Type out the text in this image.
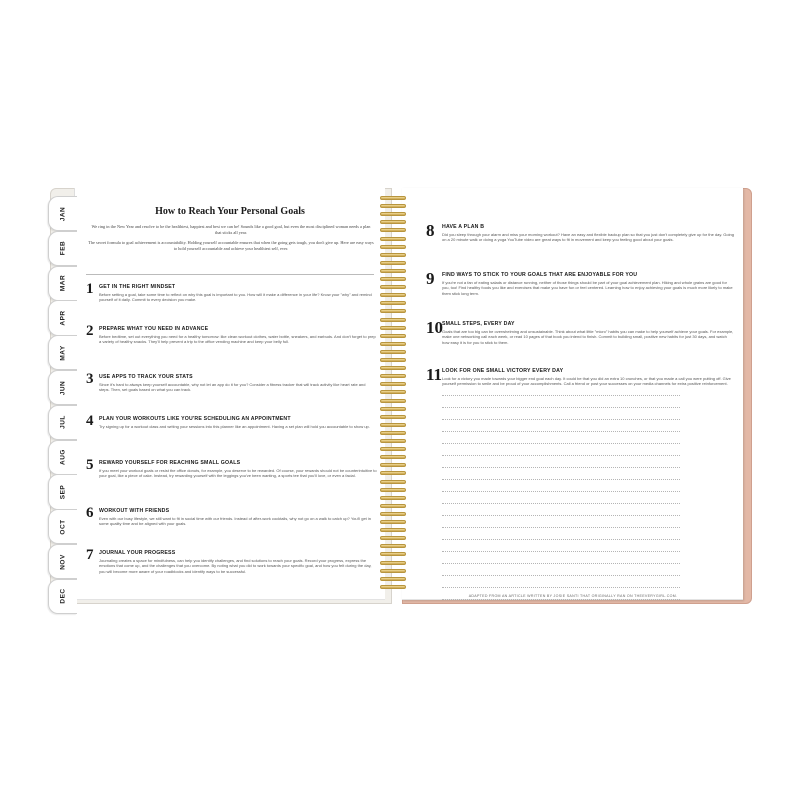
JAN
FEB
MAR
APR
MAY
JUN
JUL
AUG
SEP
OCT
NOV
DEC
How to Reach Your Personal Goals

We ring in the New Year and resolve to be the healthiest, happiest and best we can be! Sounds like a good goal, but even the most disciplined woman needs a plan that sticks all year.

The secret formula to goal achievement is accountability. Holding yourself accountable ensures that when the going gets tough, you don't give up. Here are easy ways to hold yourself accountable and achieve your healthiest self, ever.

1 GET IN THE RIGHT MINDSET
Before setting a goal, take some time to reflect on why this goal is important to you. How will it make a difference in your life? Know your "why" and remind yourself of it daily. Commit to every decision you make.
2 PREPARE WHAT YOU NEED IN ADVANCE
Before bedtime, set out everything you need for a healthy tomorrow: like clean workout clothes, water bottle, sneakers, and earbuds. And don't forget to prep a variety of healthy snacks. They'll help prevent a trip to the office vending machine and keep your belly full.
3 USE APPS TO TRACK YOUR STATS
Since it's hard to always keep yourself accountable, why not let an app do it for you? Consider a fitness tracker that will track activity like heart rate and steps. Then, set goals based on what you can track.
4 PLAN YOUR WORKOUTS LIKE YOU'RE SCHEDULING AN APPOINTMENT
Try signing up for a workout class and writing your sessions into this planner like an appointment. Having a set plan will hold you accountable to show up.
5 REWARD YOURSELF FOR REACHING SMALL GOALS
If you meet your workout goals or resist the office donuts, for example, you deserve to be rewarded. Of course, your rewards should not be counterintuitive to your goal, like a piece of cake. Instead, try rewarding yourself with the leggings you've been wanting, a sports tee that you'll love, or even a facial.
6 WORKOUT WITH FRIENDS
Even with our busy lifestyle, we still want to fit in social time with our friends. Instead of after-work cocktails, why not go on a walk to catch up? You'll get in some quality time and be aligned with your goals.
7 JOURNAL YOUR PROGRESS
Journaling creates a space for mindfulness, can help you identify challenges, and find solutions to reach your goals. Record your progress, express the emotions that come up, and the challenges that you overcome. By noting what you did to work towards your specific goal, and how you felt during the day, you will become more aware of your roadblocks and identify ways to be successful.
8 HAVE A PLAN B
Did you sleep through your alarm and miss your morning workout? Have an easy and flexible backup plan so that you just don't completely give up for the day. Going on a 20 minute walk or doing a yoga YouTube video are great ways to fit in movement and keep you feeling good about your goals.
9 FIND WAYS TO STICK TO YOUR GOALS THAT ARE ENJOYABLE FOR YOU
If you're not a fan of eating salads or distance running, neither of those things should be part of your goal achievement plan. Hiking and whole grains are good for you, too! Find healthy foods you like and exercises that make you have fun or feel centered. Learning how to enjoy achieving your goals is much more likely to make them stick long term.
10 SMALL STEPS, EVERY DAY
Goals that are too big can be overwhelming and unsustainable. Think about what little "micro" habits you can make to help yourself achieve your goals. For example, make one networking call each week, or read 10 pages of that book you intend to finish. Commit to building small, positive new habits for just 30 days, and watch how easy it is for you to stick to them.
11 LOOK FOR ONE SMALL VICTORY EVERY DAY
Look for a victory you made towards your bigger end goal each day. It could be that you did an extra 10 crunches, or that you made a call you were putting off. Give yourself permission to smile and be proud of your accomplishments. Call a friend or post your successes on your media channels for extra positive reinforcement.
ADAPTED FROM AN ARTICLE WRITTEN BY JOSIE SANTI THAT ORIGINALLY RAN ON THEEVERYGIRL.COM.
